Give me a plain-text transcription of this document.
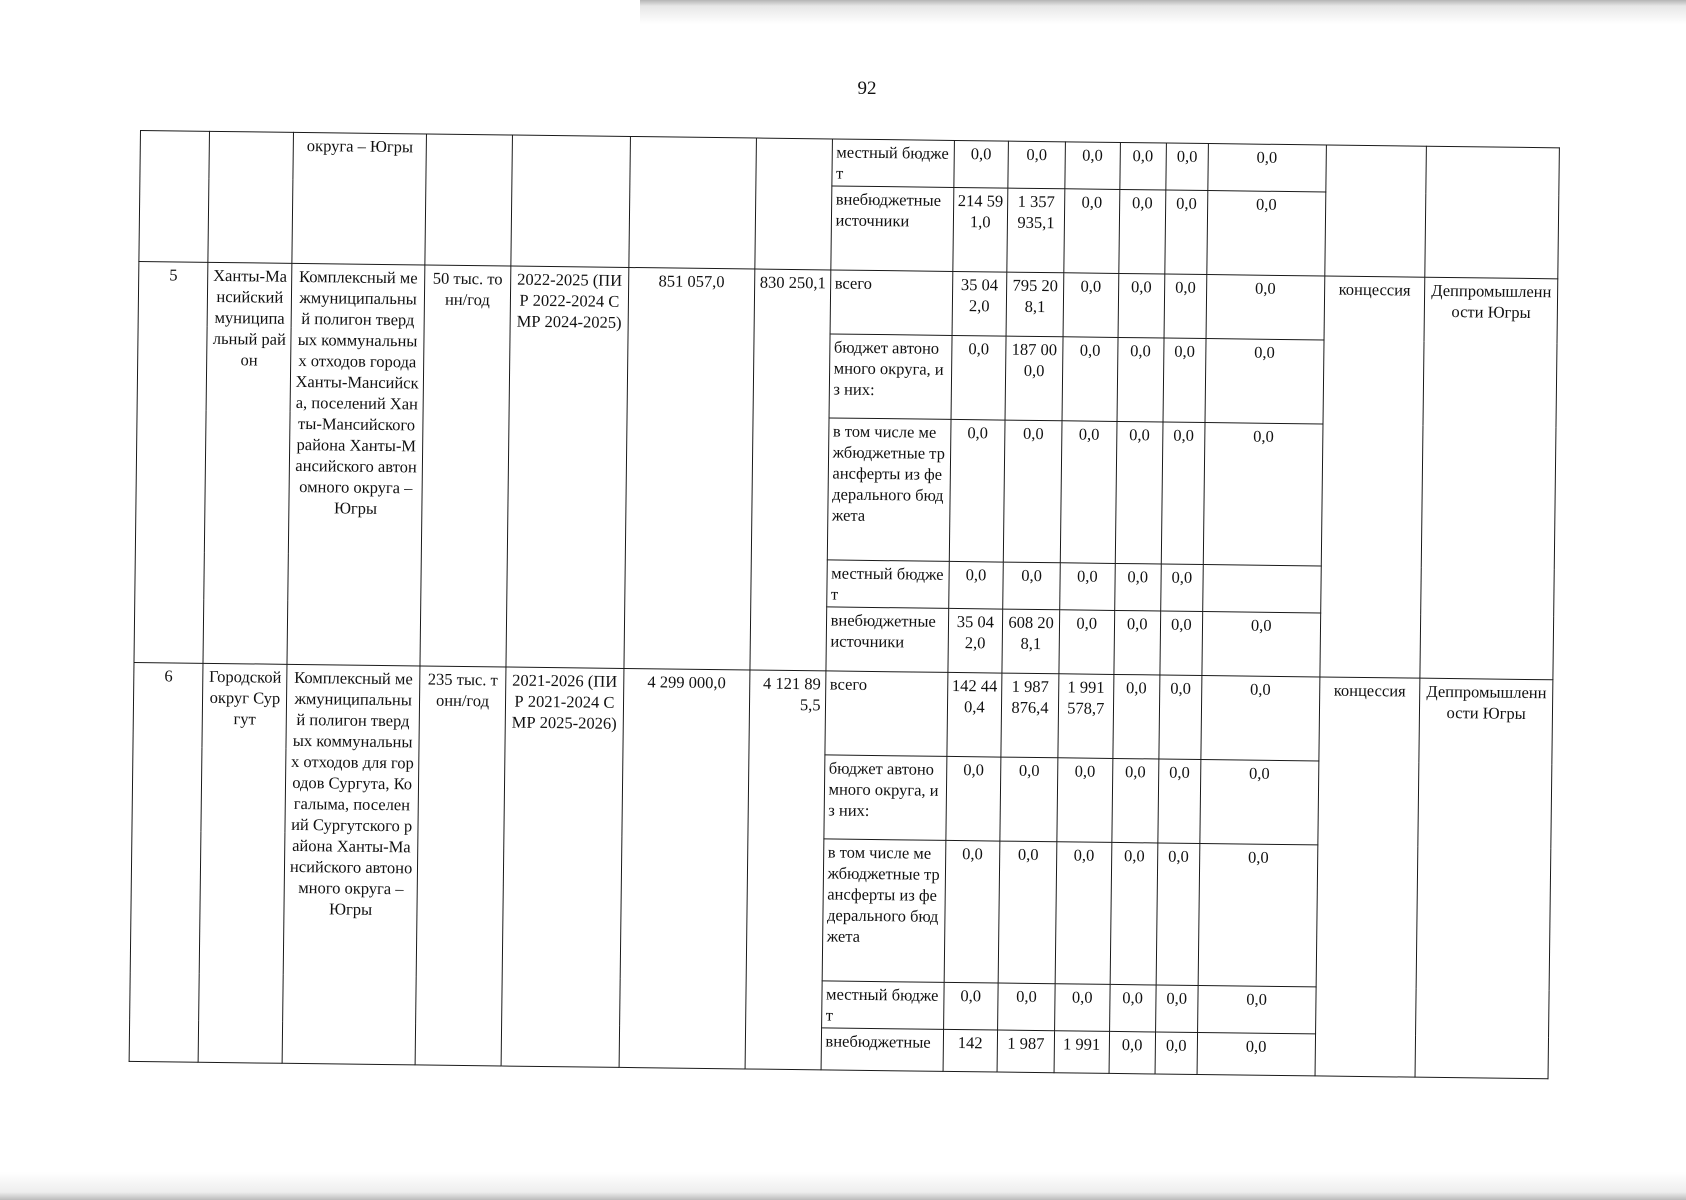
92
		округа – Югры					местный бюджет	0,0	0,0	0,0	0,0	0,0	0,0		
							внебюджетные источники	214 591,0	1 357 935,1	0,0	0,0	0,0	0,0		
5	Ханты-Мансийский муниципальный район	Комплексный межмуниципальный полигон твердых коммунальных отходов города Ханты-Мансийска, поселений Ханты-Мансийского района Ханты-Мансийского автономного округа – Югры	50 тыс. тонн/год	2022-2025 (ПИР 2022-2024 СМР 2024-2025)	851 057,0	830 250,1	всего	35 042,0	795 208,1	0,0	0,0	0,0	0,0	концессия	Деппромышленности Югры
							бюджет автономного округа, из них:	0,0	187 000,0	0,0	0,0	0,0	0,0		
							в том числе межбюджетные трансферты из федерального бюджета	0,0	0,0	0,0	0,0	0,0	0,0		
							местный бюджет	0,0	0,0	0,0	0,0	0,0			
							внебюджетные источники	35 042,0	608 208,1	0,0	0,0	0,0	0,0		
6	Городской округ Сургут	Комплексный межмуниципальный полигон твердых коммунальных отходов для городов Сургута, Когалыма, поселений Сургутского района Ханты-Мансийского автономного округа – Югры	235 тыс. тонн/год	2021-2026 (ПИР 2021-2024 СМР 2025-2026)	4 299 000,0	4 121 895,5	всего	142 440,4	1 987 876,4	1 991 578,7	0,0	0,0	0,0	концессия	Деппромышленности Югры
							бюджет автономного округа, из них:	0,0	0,0	0,0	0,0	0,0	0,0		
							в том числе межбюджетные трансферты из федерального бюджета	0,0	0,0	0,0	0,0	0,0	0,0		
							местный бюджет	0,0	0,0	0,0	0,0	0,0	0,0		
							внебюджетные	142	1 987	1 991	0,0	0,0	0,0		
